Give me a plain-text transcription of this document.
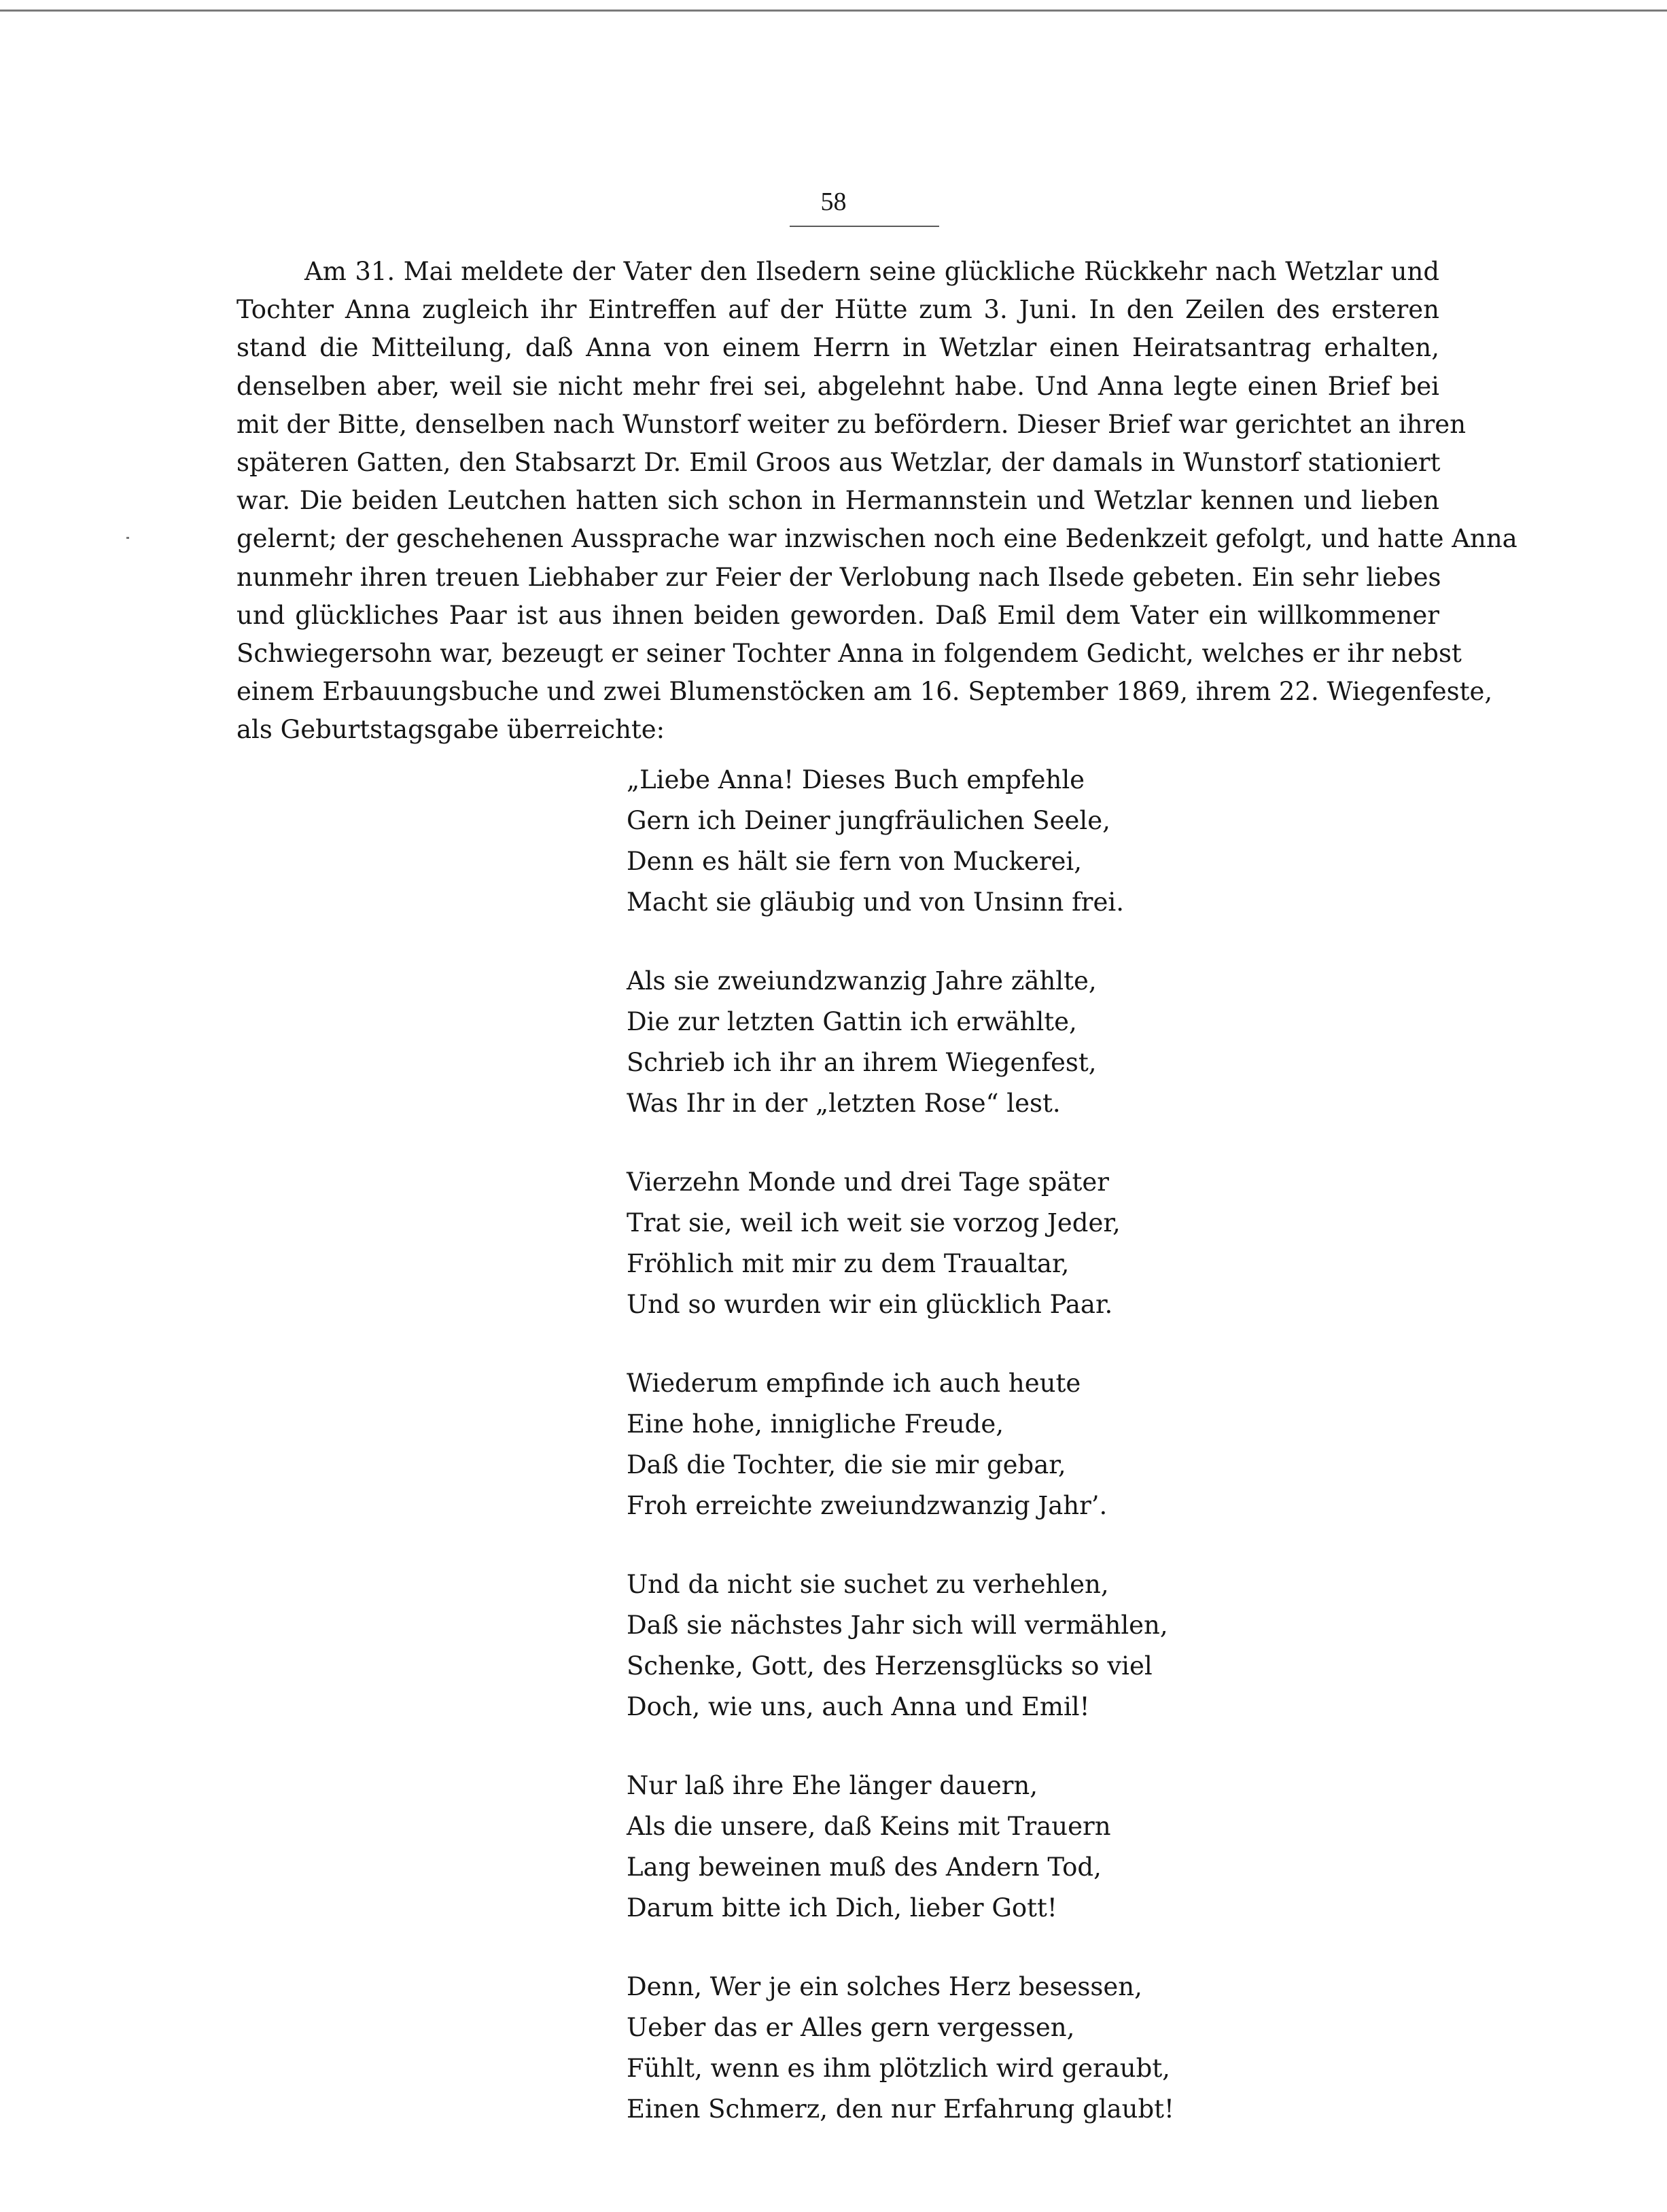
58
Am 31. Mai meldete der Vater den Ilsedern seine glückliche Rückkehr nach Wetzlar und
Tochter Anna zugleich ihr Eintreffen auf der Hütte zum 3. Juni. In den Zeilen des ersteren
stand die Mitteilung, daß Anna von einem Herrn in Wetzlar einen Heiratsantrag erhalten,
denselben aber, weil sie nicht mehr frei sei, abgelehnt habe. Und Anna legte einen Brief bei
mit der Bitte, denselben nach Wunstorf weiter zu befördern. Dieser Brief war gerichtet an ihren
späteren Gatten, den Stabsarzt Dr. Emil Groos aus Wetzlar, der damals in Wunstorf stationiert
war. Die beiden Leutchen hatten sich schon in Hermannstein und Wetzlar kennen und lieben
gelernt; der geschehenen Aussprache war inzwischen noch eine Bedenkzeit gefolgt, und hatte Anna
nunmehr ihren treuen Liebhaber zur Feier der Verlobung nach Ilsede gebeten. Ein sehr liebes
und glückliches Paar ist aus ihnen beiden geworden. Daß Emil dem Vater ein willkommener
Schwiegersohn war, bezeugt er seiner Tochter Anna in folgendem Gedicht, welches er ihr nebst
einem Erbauungsbuche und zwei Blumenstöcken am 16. September 1869, ihrem 22. Wiegenfeste,
als Geburtstagsgabe überreichte:
„Liebe Anna! Dieses Buch empfehle
Gern ich Deiner jungfräulichen Seele,
Denn es hält sie fern von Muckerei,
Macht sie gläubig und von Unsinn frei.
Als sie zweiundzwanzig Jahre zählte,
Die zur letzten Gattin ich erwählte,
Schrieb ich ihr an ihrem Wiegenfest,
Was Ihr in der „letzten Rose“ lest.
Vierzehn Monde und drei Tage später
Trat sie, weil ich weit sie vorzog Jeder,
Fröhlich mit mir zu dem Traualtar,
Und so wurden wir ein glücklich Paar.
Wiederum empfinde ich auch heute
Eine hohe, innigliche Freude,
Daß die Tochter, die sie mir gebar,
Froh erreichte zweiundzwanzig Jahr’.
Und da nicht sie suchet zu verhehlen,
Daß sie nächstes Jahr sich will vermählen,
Schenke, Gott, des Herzensglücks so viel
Doch, wie uns, auch Anna und Emil!
Nur laß ihre Ehe länger dauern,
Als die unsere, daß Keins mit Trauern
Lang beweinen muß des Andern Tod,
Darum bitte ich Dich, lieber Gott!
Denn, Wer je ein solches Herz besessen,
Ueber das er Alles gern vergessen,
Fühlt, wenn es ihm plötzlich wird geraubt,
Einen Schmerz, den nur Erfahrung glaubt!
